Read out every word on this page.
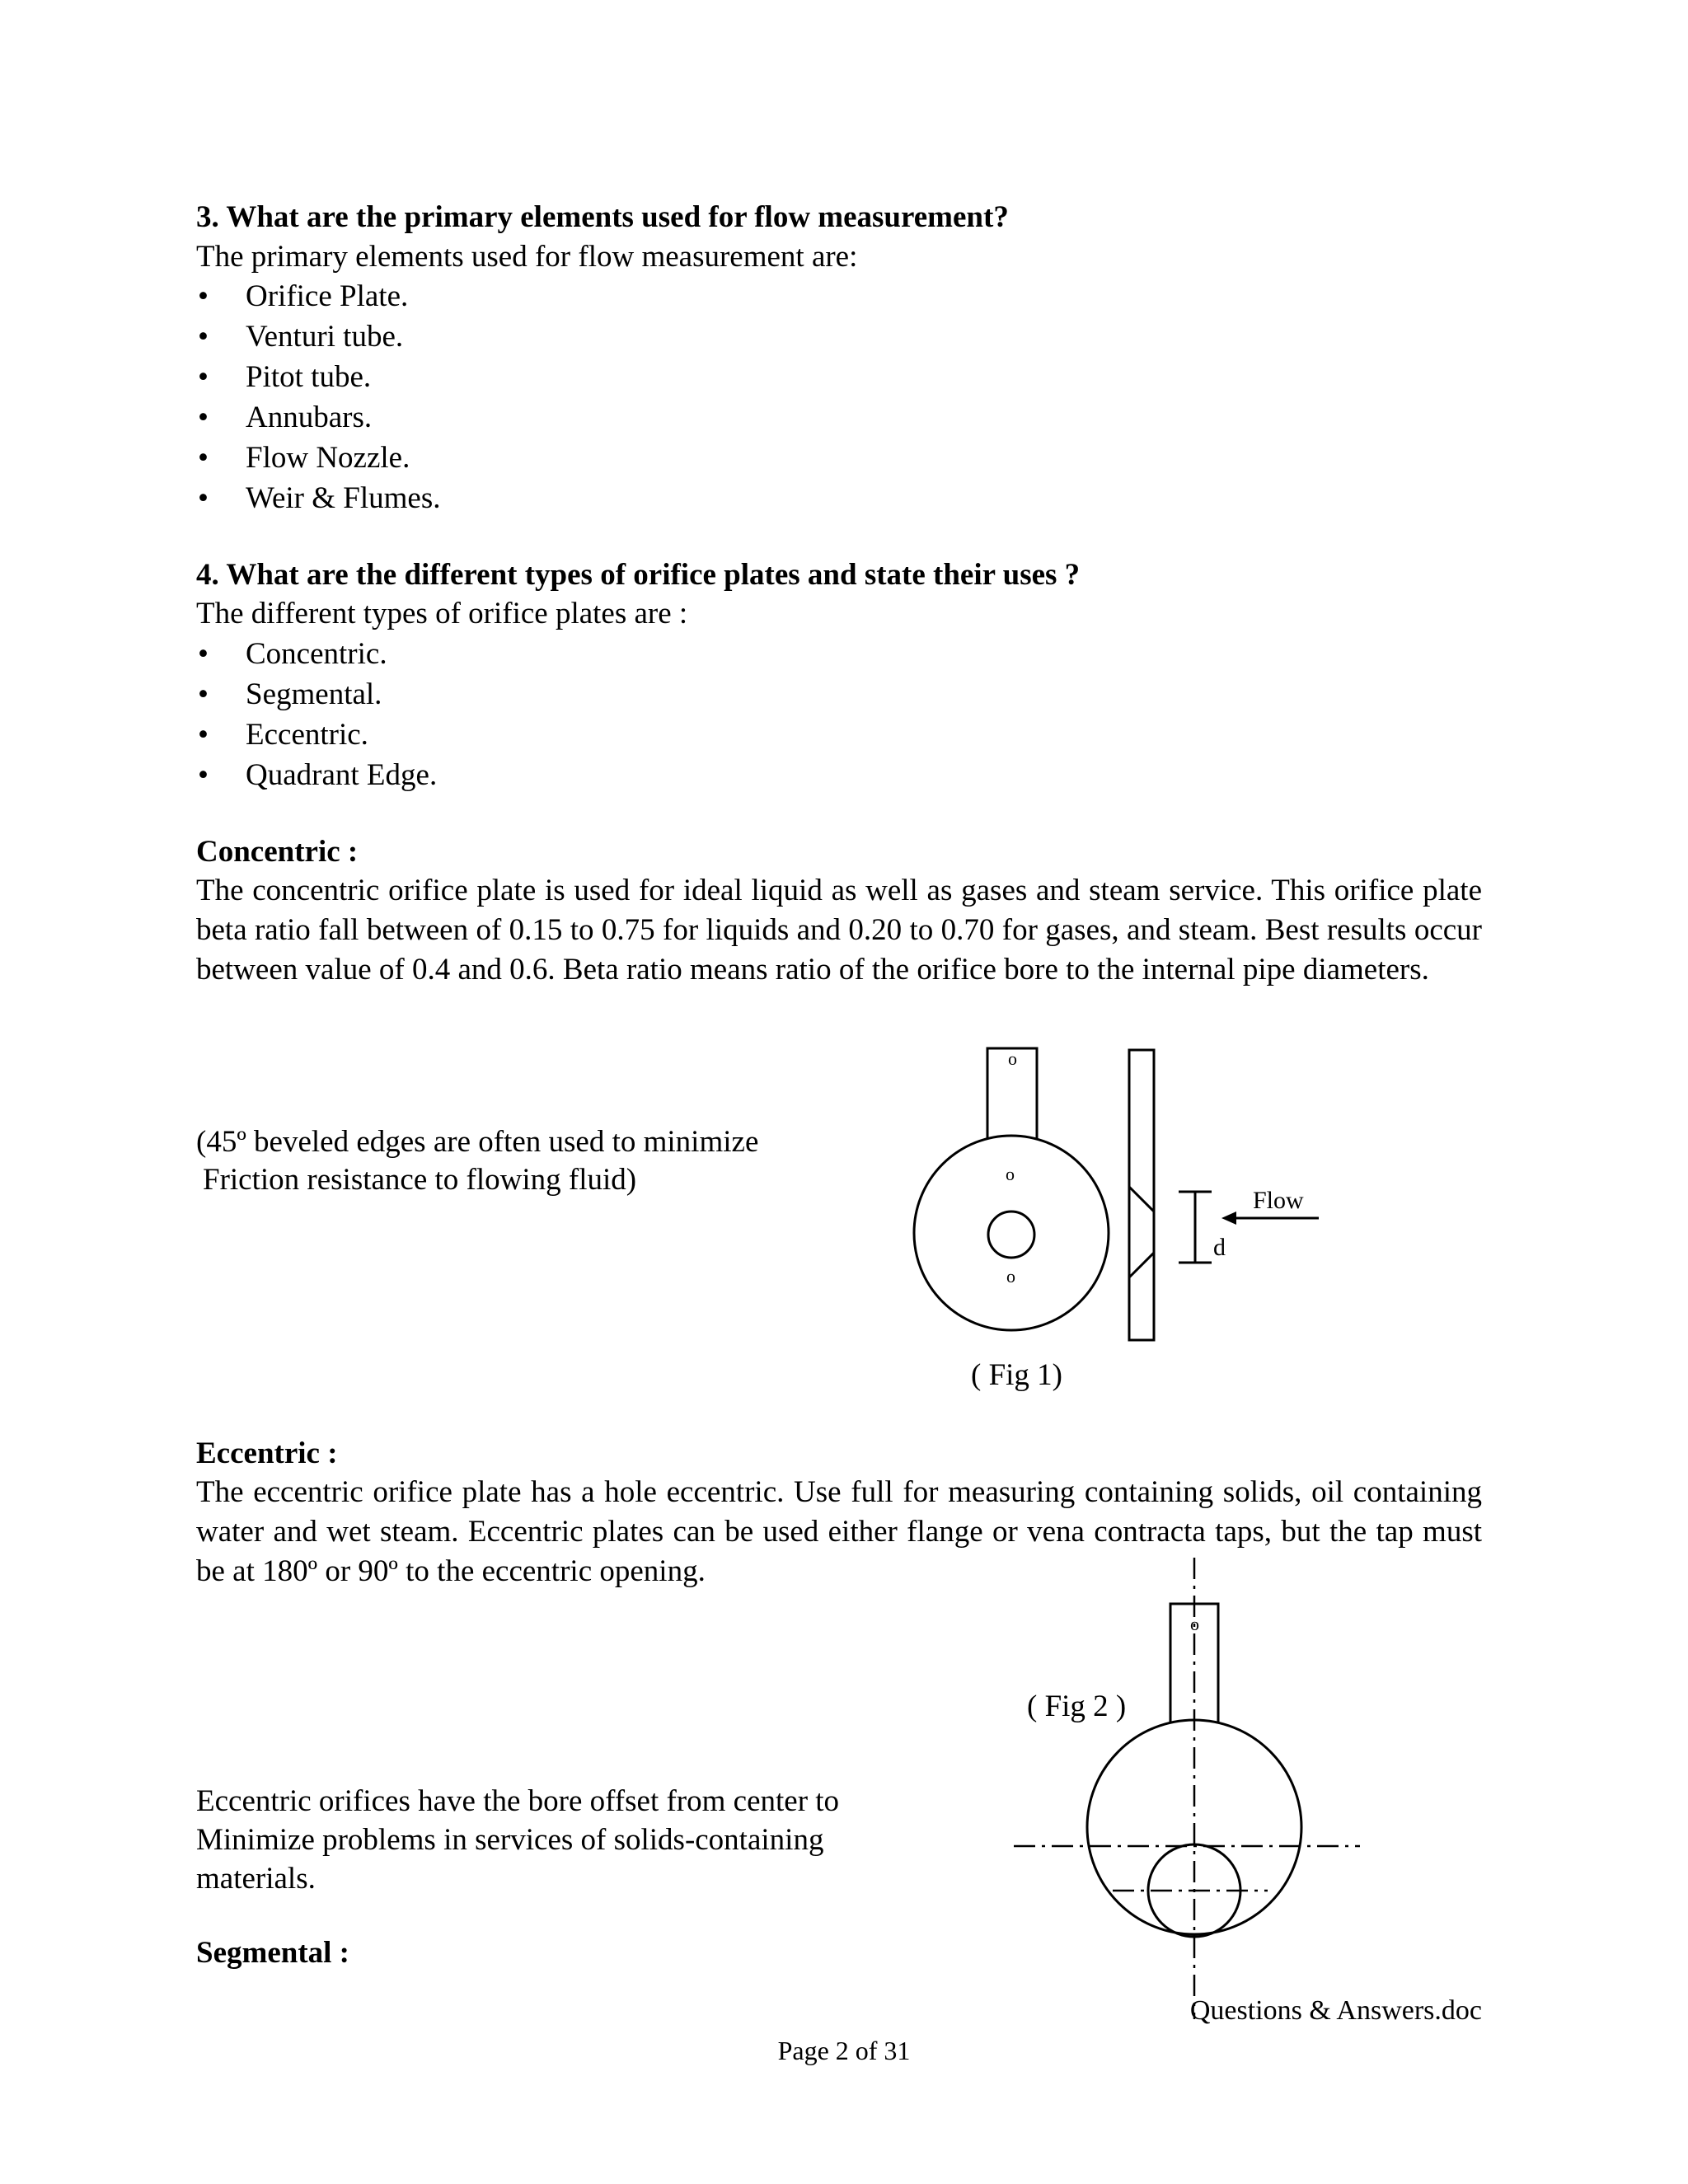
3. What are the primary elements used for flow measurement?
The primary elements used for flow measurement are:
• Orifice Plate.
• Venturi tube.
• Pitot tube.
• Annubars.
• Flow Nozzle.
• Weir & Flumes.
4. What are the different types of orifice plates and state their uses ?
The different types of orifice plates are :
• Concentric.
• Segmental.
• Eccentric.
• Quadrant Edge.
Concentric :
The concentric orifice plate is used for ideal liquid as well as gases and steam service. This orifice plate beta ratio fall between of 0.15 to 0.75 for liquids and 0.20 to 0.70 for gases, and steam. Best results occur between value of 0.4 and 0.6. Beta ratio means ratio of the orifice bore to the internal pipe diameters.
(45º beveled edges are often used to minimize
Friction resistance to flowing fluid)
o
o
o
d
Flow
( Fig 1)
Eccentric :
The eccentric orifice plate has a hole eccentric. Use full for measuring containing solids, oil containing water and wet steam. Eccentric plates can be used either flange or vena contracta taps, but the tap must be at 180º or 90º to the eccentric opening.
Eccentric orifices have the bore offset from center to
Minimize problems in services of solids-containing
materials.
Segmental :
o
( Fig 2 )
Questions & Answers.doc
Page 2 of 31
